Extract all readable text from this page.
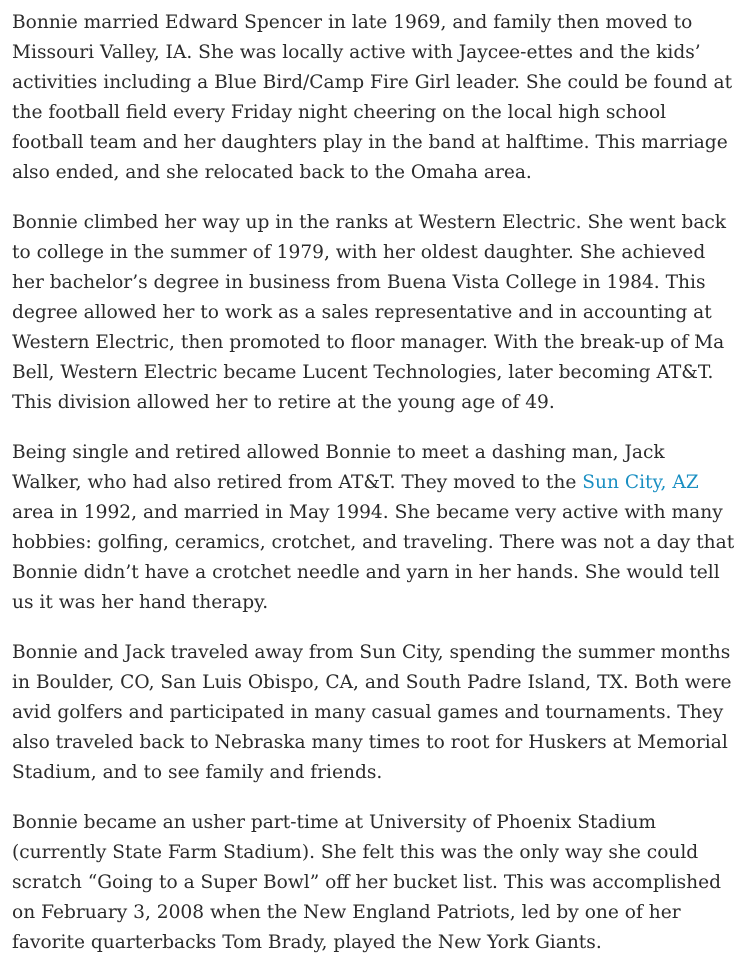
Bonnie married Edward Spencer in late 1969, and family then moved to Missouri Valley, IA. She was locally active with Jaycee-ettes and the kids’ activities including a Blue Bird/Camp Fire Girl leader. She could be found at the football field every Friday night cheering on the local high school football team and her daughters play in the band at halftime. This marriage also ended, and she relocated back to the Omaha area.

Bonnie climbed her way up in the ranks at Western Electric. She went back to college in the summer of 1979, with her oldest daughter. She achieved her bachelor’s degree in business from Buena Vista College in 1984. This degree allowed her to work as a sales representative and in accounting at Western Electric, then promoted to floor manager. With the break-up of Ma Bell, Western Electric became Lucent Technologies, later becoming AT&T. This division allowed her to retire at the young age of 49.

Being single and retired allowed Bonnie to meet a dashing man, Jack Walker, who had also retired from AT&T. They moved to the Sun City, AZ area in 1992, and married in May 1994. She became very active with many hobbies: golfing, ceramics, crotchet, and traveling. There was not a day that Bonnie didn’t have a crotchet needle and yarn in her hands. She would tell us it was her hand therapy.

Bonnie and Jack traveled away from Sun City, spending the summer months in Boulder, CO, San Luis Obispo, CA, and South Padre Island, TX. Both were avid golfers and participated in many casual games and tournaments. They also traveled back to Nebraska many times to root for Huskers at Memorial Stadium, and to see family and friends.

Bonnie became an usher part-time at University of Phoenix Stadium (currently State Farm Stadium). She felt this was the only way she could scratch “Going to a Super Bowl” off her bucket list. This was accomplished on February 3, 2008 when the New England Patriots, led by one of her favorite quarterbacks Tom Brady, played the New York Giants.
